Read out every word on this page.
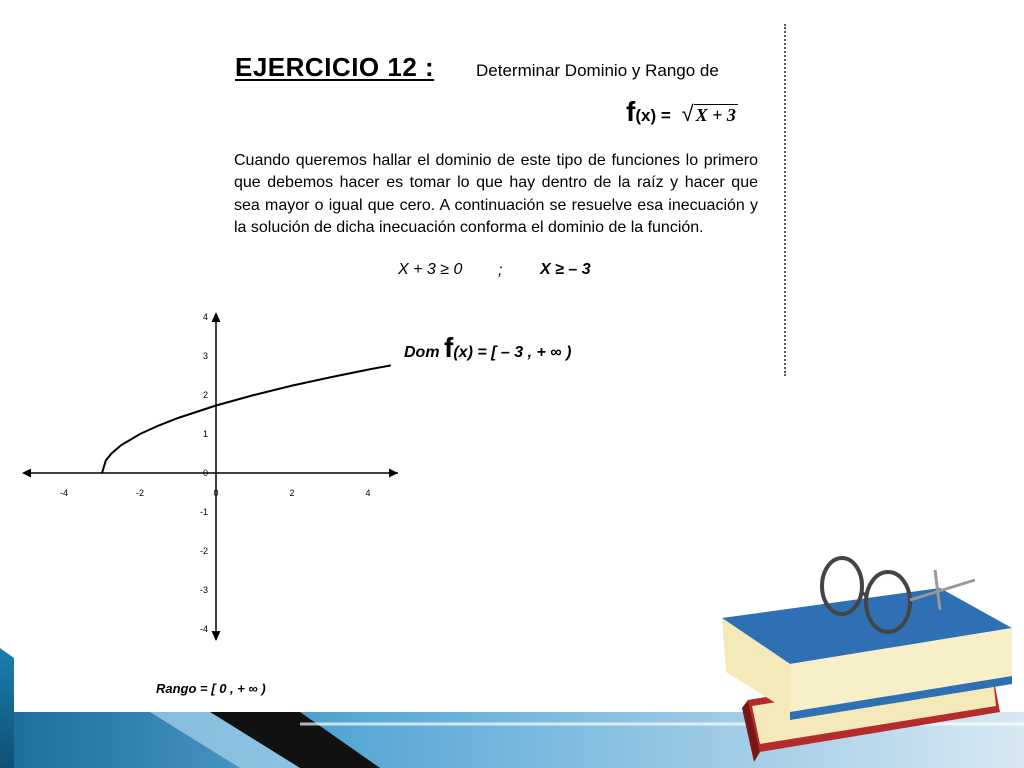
EJERCICIO 12 : Determinar Dominio y Rango de
f(x) = √ X + 3
Cuando queremos hallar el dominio de este tipo de funciones lo primero que debemos hacer es tomar lo que hay dentro de la raíz y hacer que sea mayor o igual que cero. A continuación se resuelve esa inecuación y la solución de dicha inecuación conforma el dominio de la función.
X + 3 ≥ 0 ; X ≥ – 3
Dom f(x) = [ – 3 , + ∞ )
Rango = [ 0 , + ∞ )
-4	-2	0	2	4
4
3
2
1
0
-1
-2
-3
-4
